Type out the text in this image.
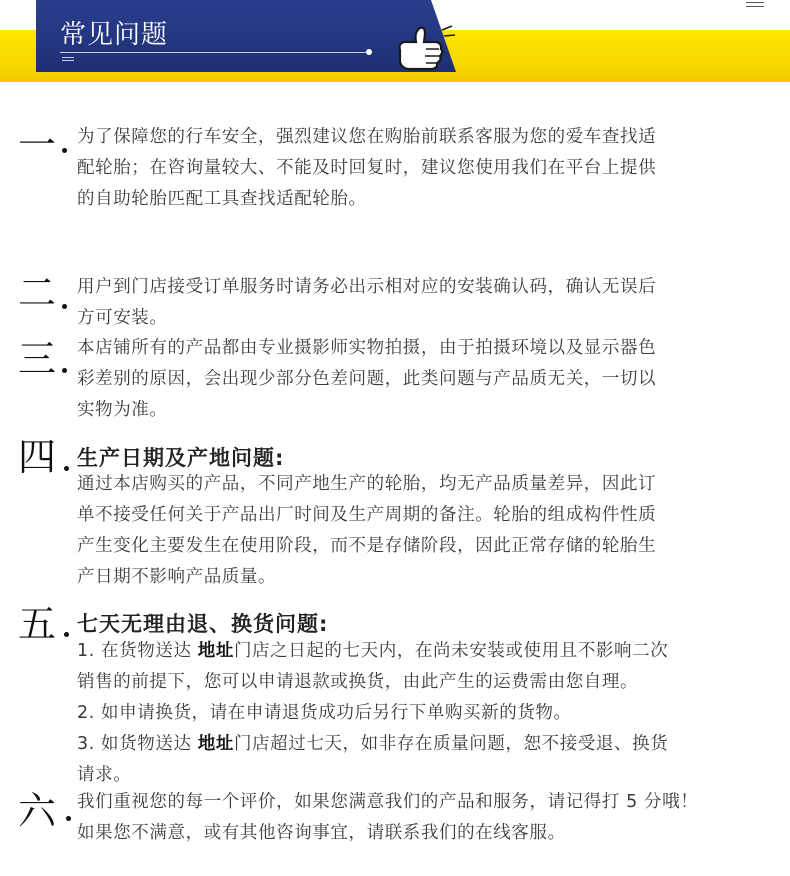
常见问题
一 为了保障您的行车安全，强烈建议您在购胎前联系客服为您的爱车查找适
配轮胎；在咨询量较大、不能及时回复时，建议您使用我们在平台上提供
的自助轮胎匹配工具查找适配轮胎。
二 用户到门店接受订单服务时请务必出示相对应的安装确认码，确认无误后
方可安装。
三 本店铺所有的产品都由专业摄影师实物拍摄，由于拍摄环境以及显示器色
彩差别的原因，会出现少部分色差问题，此类问题与产品质无关，一切以
实物为准。
四 生产日期及产地问题:
通过本店购买的产品，不同产地生产的轮胎，均无产品质量差异，因此订
单不接受任何关于产品出厂时间及生产周期的备注。轮胎的组成构件性质
产生变化主要发生在使用阶段，而不是存储阶段，因此正常存储的轮胎生
产日期不影响产品质量。
五 七天无理由退、换货问题:
1. 在货物送达 地址门店之日起的七天内，在尚未安装或使用且不影响二次
销售的前提下，您可以申请退款或换货，由此产生的运费需由您自理。
2. 如申请换货，请在申请退货成功后另行下单购买新的货物。
3. 如货物送达 地址门店超过七天，如非存在质量问题，恕不接受退、换货
请求。
六 我们重视您的每一个评价，如果您满意我们的产品和服务，请记得打 5 分哦！
如果您不满意，或有其他咨询事宜，请联系我们的在线客服。
